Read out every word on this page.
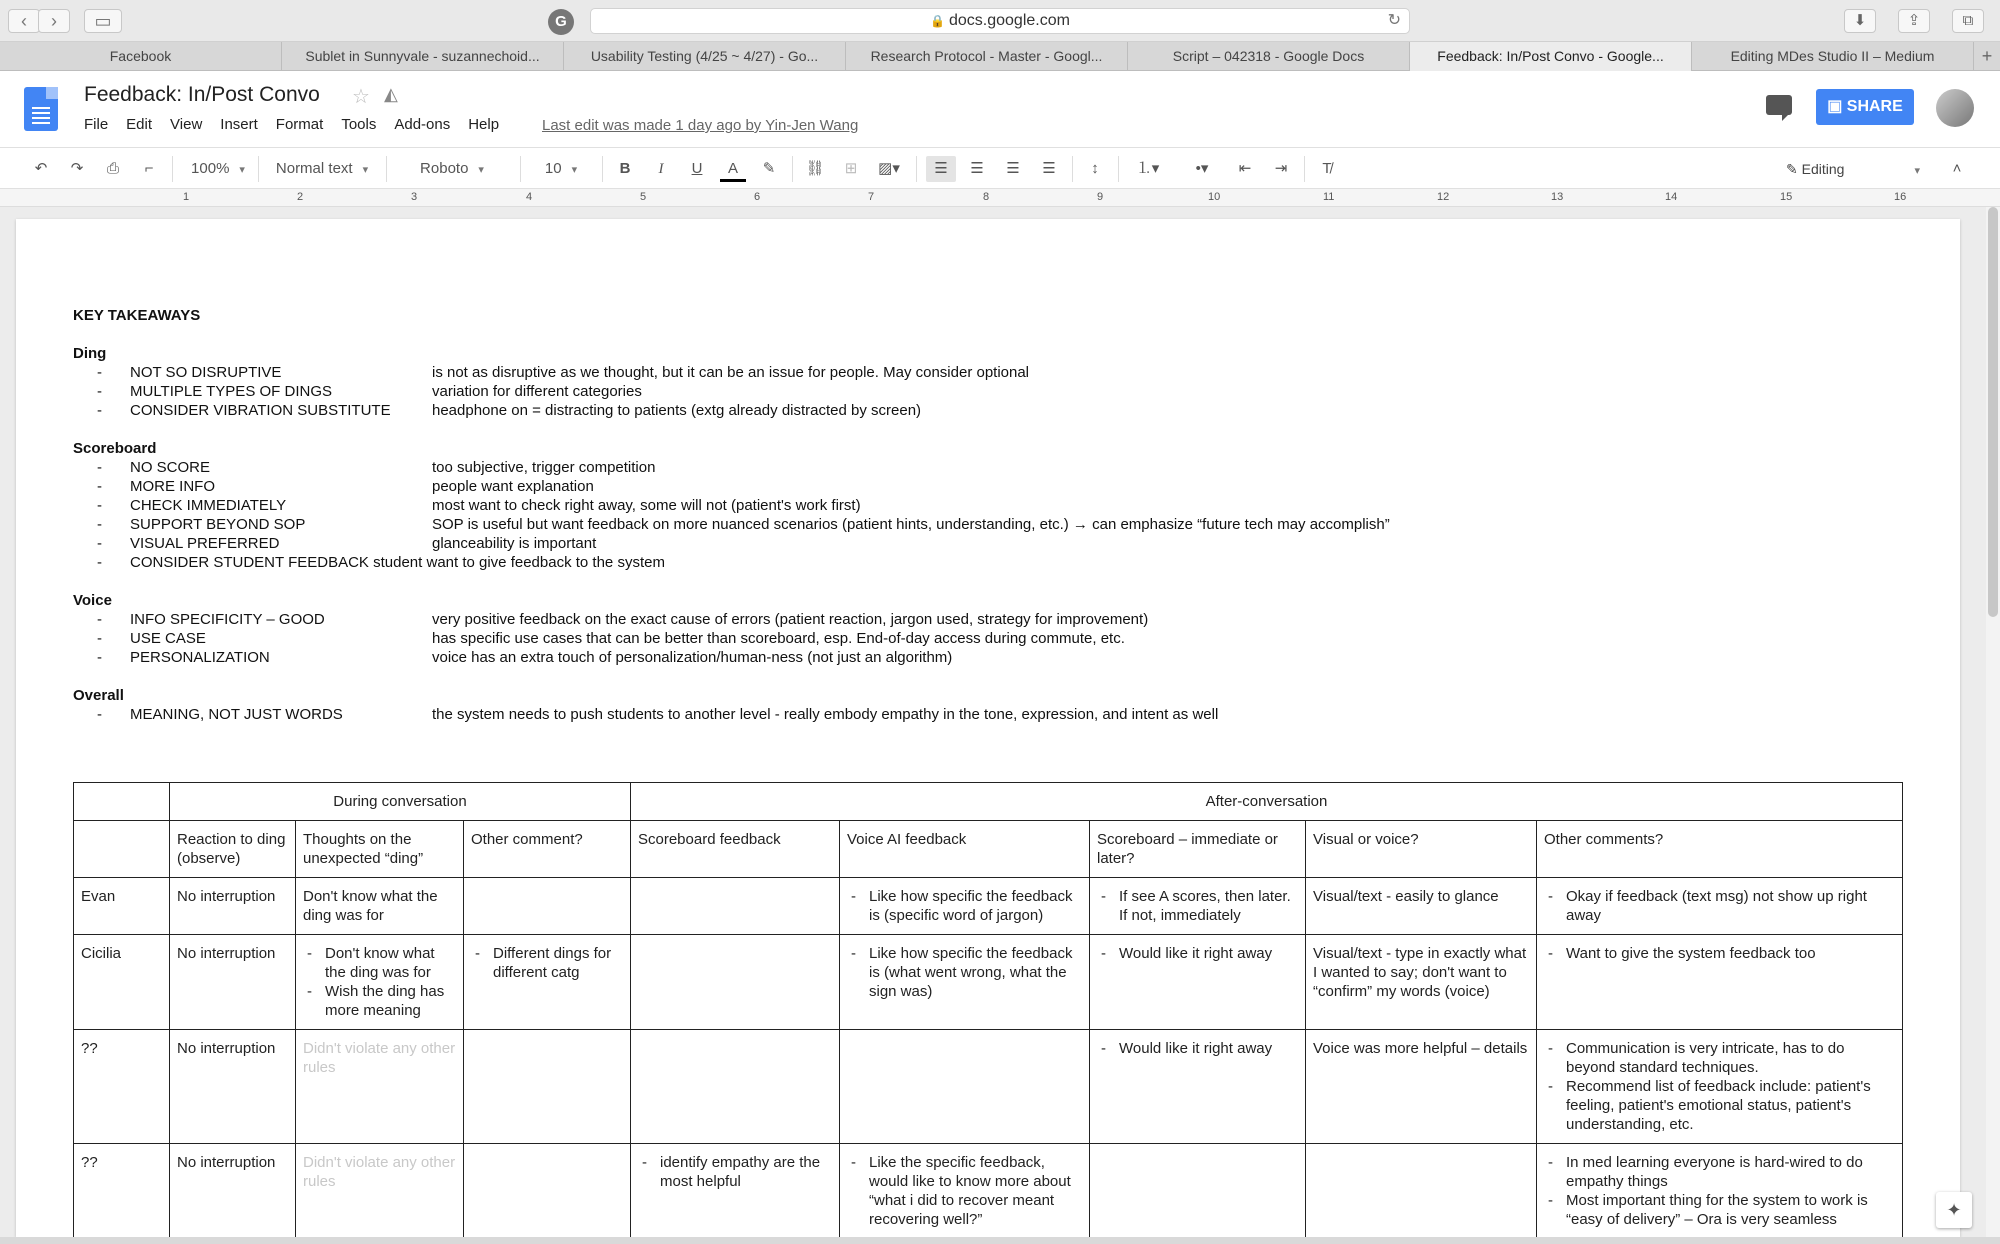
‹	›	▭	G	🔒 docs.google.com	↻	⬇	⇪	⧉
Facebook	Sublet in Sunnyvale - suzannechoid...	Usability Testing (4/25 ~ 4/27) - Go...	Research Protocol - Master - Googl...	Script – 042318 - Google Docs	Feedback: In/Post Convo - Google...	Editing MDes Studio II – Medium	+
Feedback: In/Post Convo ☆ ◭
File Edit View Insert Format Tools Add-ons Help	Last edit was made 1 day ago by Yin-Jen Wang
▣ SHARE
↶	↷	⎙	⌐	100% ▾	Normal text ▾	Roboto ▾	10 ▾	B	I	U	A	✎	⛓	⊞	▨▾	☰	☰	☰	☰	↕	⒈▾	•▾	⇤	⇥	T̸	✎ Editing	▾	˄
1	2	3	4	5	6	7	8	9	10	11	12	13	14	15	16
KEY TAKEAWAYS
Ding
- NOT SO DISRUPTIVE	is not as disruptive as we thought, but it can be an issue for people. May consider optional
- MULTIPLE TYPES OF DINGS	variation for different categories
- CONSIDER VIBRATION SUBSTITUTE	headphone on = distracting to patients (extg already distracted by screen)
Scoreboard
- NO SCORE	too subjective, trigger competition
- MORE INFO	people want explanation
- CHECK IMMEDIATELY	most want to check right away, some will not (patient's work first)
- SUPPORT BEYOND SOP	SOP is useful but want feedback on more nuanced scenarios (patient hints, understanding, etc.) → can emphasize “future tech may accomplish”
- VISUAL PREFERRED	glanceability is important
- CONSIDER STUDENT FEEDBACK student want to give feedback to the system
Voice
- INFO SPECIFICITY – GOOD	very positive feedback on the exact cause of errors (patient reaction, jargon used, strategy for improvement)
- USE CASE	has specific use cases that can be better than scoreboard, esp. End-of-day access during commute, etc.
- PERSONALIZATION	voice has an extra touch of personalization/human-ness (not just an algorithm)
Overall
- MEANING, NOT JUST WORDS	the system needs to push students to another level - really embody empathy in the tone, expression, and intent as well
	During conversation			After-conversation				
	Reaction to ding (observe)	Thoughts on the unexpected “ding”	Other comment?	Scoreboard feedback	Voice AI feedback	Scoreboard – immediate or later?	Visual or voice?	Other comments?
Evan	No interruption	Don't know what the ding was for			- Like how specific the feedback is (specific word of jargon)	- If see A scores, then later. If not, immediately	Visual/text - easily to glance	- Okay if feedback (text msg) not show up right away

Cicilia	No interruption	- Don't know what the ding was for
- Wish the ding has more meaning	- Different dings for different catg		- Like how specific the feedback is (what went wrong, what the sign was)	- Would like it right away	Visual/text - type in exactly what I wanted to say; don't want to “confirm” my words (voice)	- Want to give the system feedback too

??	No interruption	Didn't violate any other rules				- Would like it right away	Voice was more helpful – details	- Communication is very intricate, has to do beyond standard techniques.
- Recommend list of feedback include: patient's feeling, patient's emotional status, patient's understanding, etc.

??	No interruption	Didn't violate any other rules		- identify empathy are the most helpful	- Like the specific feedback, would like to know more about “what i did to recover meant recovering well?”			- In med learning everyone is hard-wired to do empathy things
- Most important thing for the system to work is “easy of delivery” – Ora is very seamless	✦
